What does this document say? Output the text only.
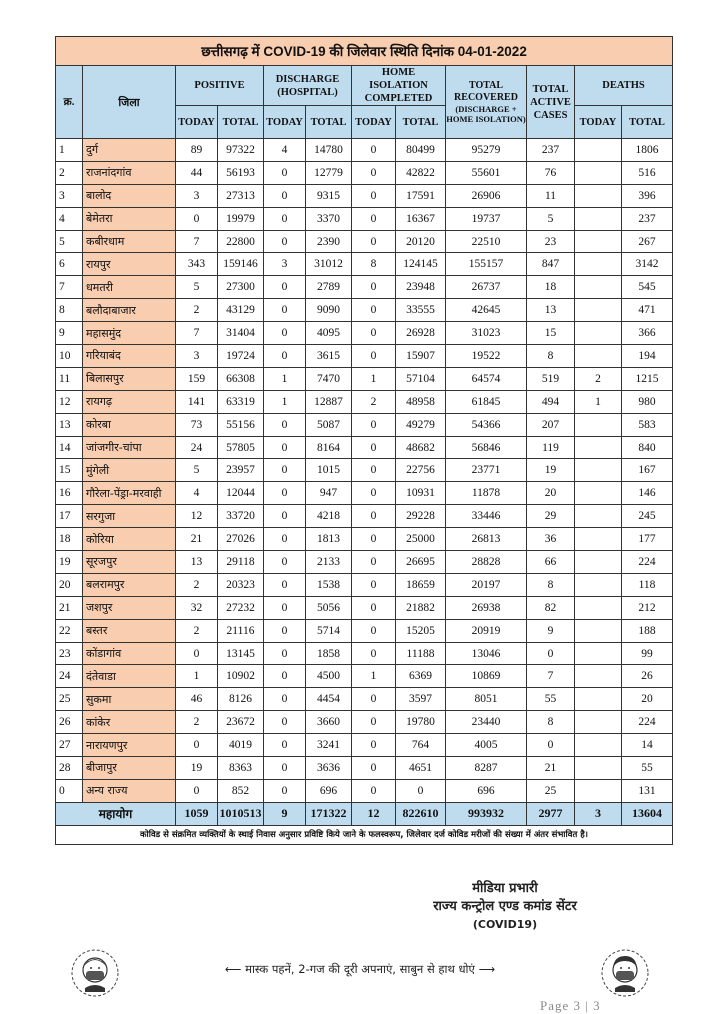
छत्तीसगढ़ में COVID-19 की जिलेवार स्थिति दिनांक 04-01-2022											
क्र.	जिला	POSITIVE		DISCHARGE (HOSPITAL)		HOME ISOLATION COMPLETED		TOTAL RECOVERED
(DISCHARGE + HOME ISOLATION)	TOTAL ACTIVE CASES	DEATHS	
		TODAY	TOTAL	TODAY	TOTAL	TODAY	TOTAL			TODAY	TOTAL
1	दुर्ग	89	97322	4	14780	0	80499	95279	237		1806
2	राजनांदगांव	44	56193	0	12779	0	42822	55601	76		516
3	बालोद	3	27313	0	9315	0	17591	26906	11		396
4	बेमेतरा	0	19979	0	3370	0	16367	19737	5		237
5	कबीरधाम	7	22800	0	2390	0	20120	22510	23		267
6	रायपुर	343	159146	3	31012	8	124145	155157	847		3142
7	धमतरी	5	27300	0	2789	0	23948	26737	18		545
8	बलौदाबाजार	2	43129	0	9090	0	33555	42645	13		471
9	महासमुंद	7	31404	0	4095	0	26928	31023	15		366
10	गरियाबंद	3	19724	0	3615	0	15907	19522	8		194
11	बिलासपुर	159	66308	1	7470	1	57104	64574	519	2	1215
12	रायगढ़	141	63319	1	12887	2	48958	61845	494	1	980
13	कोरबा	73	55156	0	5087	0	49279	54366	207		583
14	जांजगीर-चांपा	24	57805	0	8164	0	48682	56846	119		840
15	मुंगेली	5	23957	0	1015	0	22756	23771	19		167
16	गौरेला-पेंड्रा-मरवाही	4	12044	0	947	0	10931	11878	20		146
17	सरगुजा	12	33720	0	4218	0	29228	33446	29		245
18	कोरिया	21	27026	0	1813	0	25000	26813	36		177
19	सूरजपुर	13	29118	0	2133	0	26695	28828	66		224
20	बलरामपुर	2	20323	0	1538	0	18659	20197	8		118
21	जशपुर	32	27232	0	5056	0	21882	26938	82		212
22	बस्तर	2	21116	0	5714	0	15205	20919	9		188
23	कोंडागांव	0	13145	0	1858	0	11188	13046	0		99
24	दंतेवाडा	1	10902	0	4500	1	6369	10869	7		26
25	सुकमा	46	8126	0	4454	0	3597	8051	55		20
26	कांकेर	2	23672	0	3660	0	19780	23440	8		224
27	नारायणपुर	0	4019	0	3241	0	764	4005	0		14
28	बीजापुर	19	8363	0	3636	0	4651	8287	21		55
0	अन्य राज्य	0	852	0	696	0	0	696	25		131
महायोग		1059	1010513	9	171322	12	822610	993932	2977	3	13604
कोविड से संक्रमित व्यक्तियों के स्थाई निवास अनुसार प्रविष्टि किये जाने के फलस्वरूप, जिलेवार दर्ज कोविड मरीजों की संख्या में अंतर संभावित है।											
मीडिया प्रभारी
राज्य कन्ट्रोल एण्ड कमांड सेंटर
(COVID19)
⟵ मास्क पहनें, 2-गज की दूरी अपनाएं, साबुन से हाथ धोएं ⟶
Page 3 | 3
